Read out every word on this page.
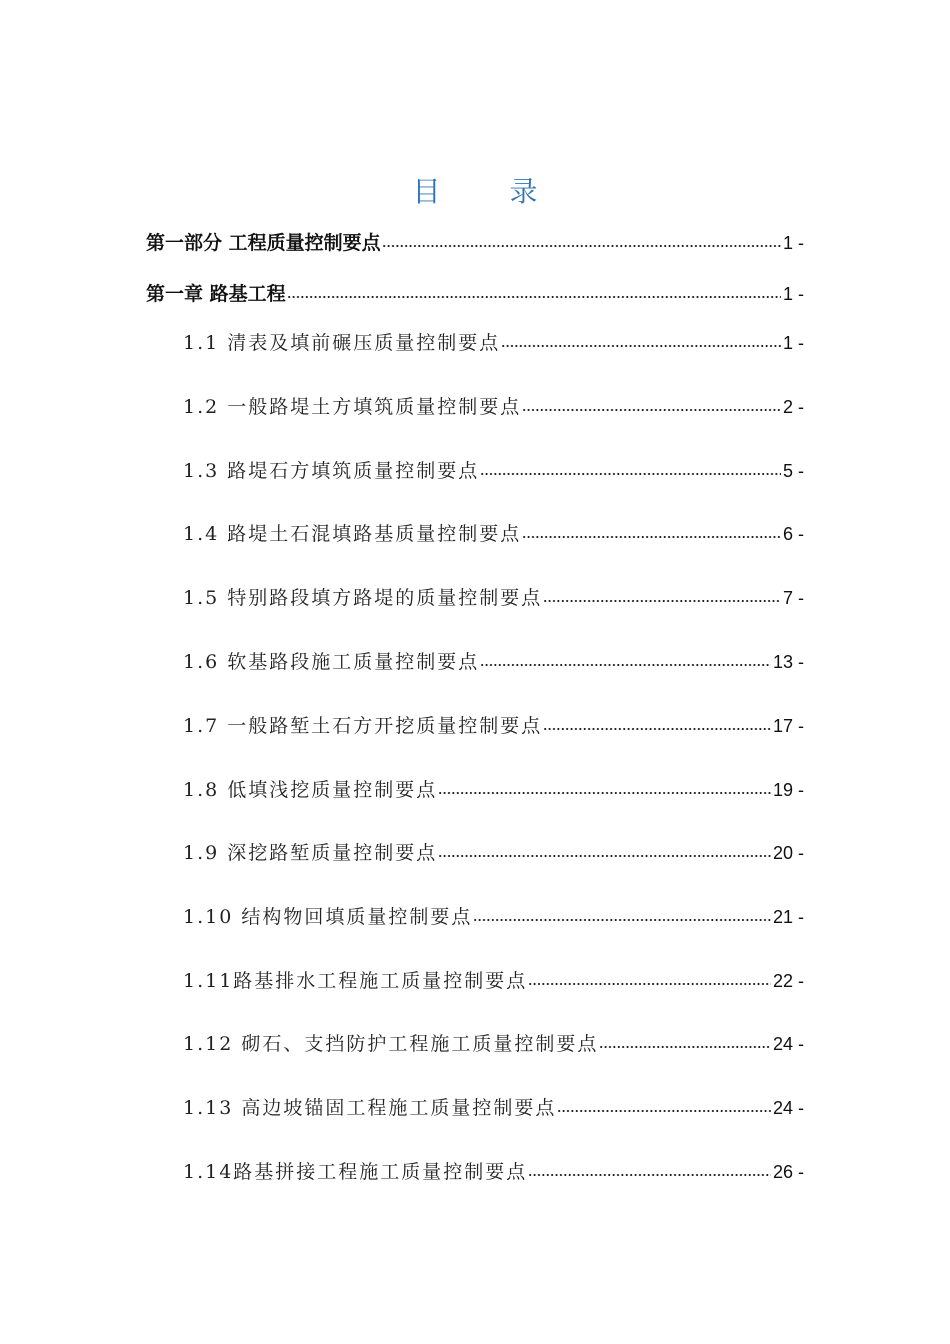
目 录
第一部分 工程质量控制要点	1 -
第一章 路基工程	1 -
1.1 清表及填前碾压质量控制要点	1 -
1.2 一般路堤土方填筑质量控制要点	2 -
1.3 路堤石方填筑质量控制要点	5 -
1.4 路堤土石混填路基质量控制要点	6 -
1.5 特别路段填方路堤的质量控制要点	7 -
1.6 软基路段施工质量控制要点	13 -
1.7 一般路堑土石方开挖质量控制要点	17 -
1.8 低填浅挖质量控制要点	19 -
1.9 深挖路堑质量控制要点	20 -
1.10 结构物回填质量控制要点	21 -
1.11路基排水工程施工质量控制要点	22 -
1.12 砌石、支挡防护工程施工质量控制要点	24 -
1.13 高边坡锚固工程施工质量控制要点	24 -
1.14路基拼接工程施工质量控制要点	26 -
